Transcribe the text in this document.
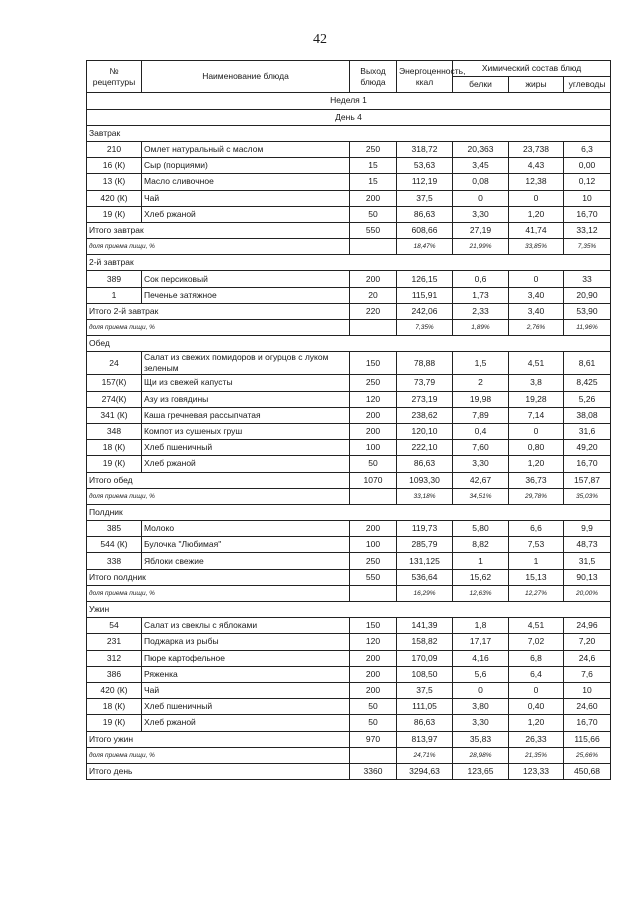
42
№ рецептуры	Наименование блюда	Выход блюда	Энергоценность, ккал	Химический состав блюд		
				белки	жиры	углеводы
Неделя 1						
День 4						
Завтрак						
210	Омлет натуральный с маслом	250	318,72	20,363	23,738	6,3
16 (К)	Сыр (порциями)	15	53,63	3,45	4,43	0,00
13 (К)	Масло сливочное	15	112,19	0,08	12,38	0,12
420 (К)	Чай	200	37,5	0	0	10
19 (К)	Хлеб ржаной	50	86,63	3,30	1,20	16,70
Итого завтрак		550	608,66	27,19	41,74	33,12
доля приема пищи, %			18,47%	21,99%	33,85%	7,35%
2-й завтрак						
389	Сок персиковый	200	126,15	0,6	0	33
1	Печенье затяжное	20	115,91	1,73	3,40	20,90
Итого 2-й завтрак		220	242,06	2,33	3,40	53,90
доля приема пищи, %			7,35%	1,89%	2,76%	11,96%
Обед						
24	Салат из свежих помидоров и огурцов с луком зеленым	150	78,88	1,5	4,51	8,61
157(К)	Щи из свежей капусты	250	73,79	2	3,8	8,425
274(К)	Азу из говядины	120	273,19	19,98	19,28	5,26
341 (К)	Каша гречневая рассыпчатая	200	238,62	7,89	7,14	38,08
348	Компот из сушеных груш	200	120,10	0,4	0	31,6
18 (К)	Хлеб пшеничный	100	222,10	7,60	0,80	49,20
19 (К)	Хлеб ржаной	50	86,63	3,30	1,20	16,70
Итого обед		1070	1093,30	42,67	36,73	157,87
доля приема пищи, %			33,18%	34,51%	29,78%	35,03%
Полдник						
385	Молоко	200	119,73	5,80	6,6	9,9
544 (К)	Булочка "Любимая"	100	285,79	8,82	7,53	48,73
338	Яблоки свежие	250	131,125	1	1	31,5
Итого полдник		550	536,64	15,62	15,13	90,13
доля приема пищи, %			16,29%	12,63%	12,27%	20,00%
Ужин						
54	Салат из свеклы с яблоками	150	141,39	1,8	4,51	24,96
231	Поджарка из рыбы	120	158,82	17,17	7,02	7,20
312	Пюре картофельное	200	170,09	4,16	6,8	24,6
386	Ряженка	200	108,50	5,6	6,4	7,6
420 (К)	Чай	200	37,5	0	0	10
18 (К)	Хлеб пшеничный	50	111,05	3,80	0,40	24,60
19 (К)	Хлеб ржаной	50	86,63	3,30	1,20	16,70
Итого ужин		970	813,97	35,83	26,33	115,66
доля приема пищи, %			24,71%	28,98%	21,35%	25,66%
Итого день		3360	3294,63	123,65	123,33	450,68
